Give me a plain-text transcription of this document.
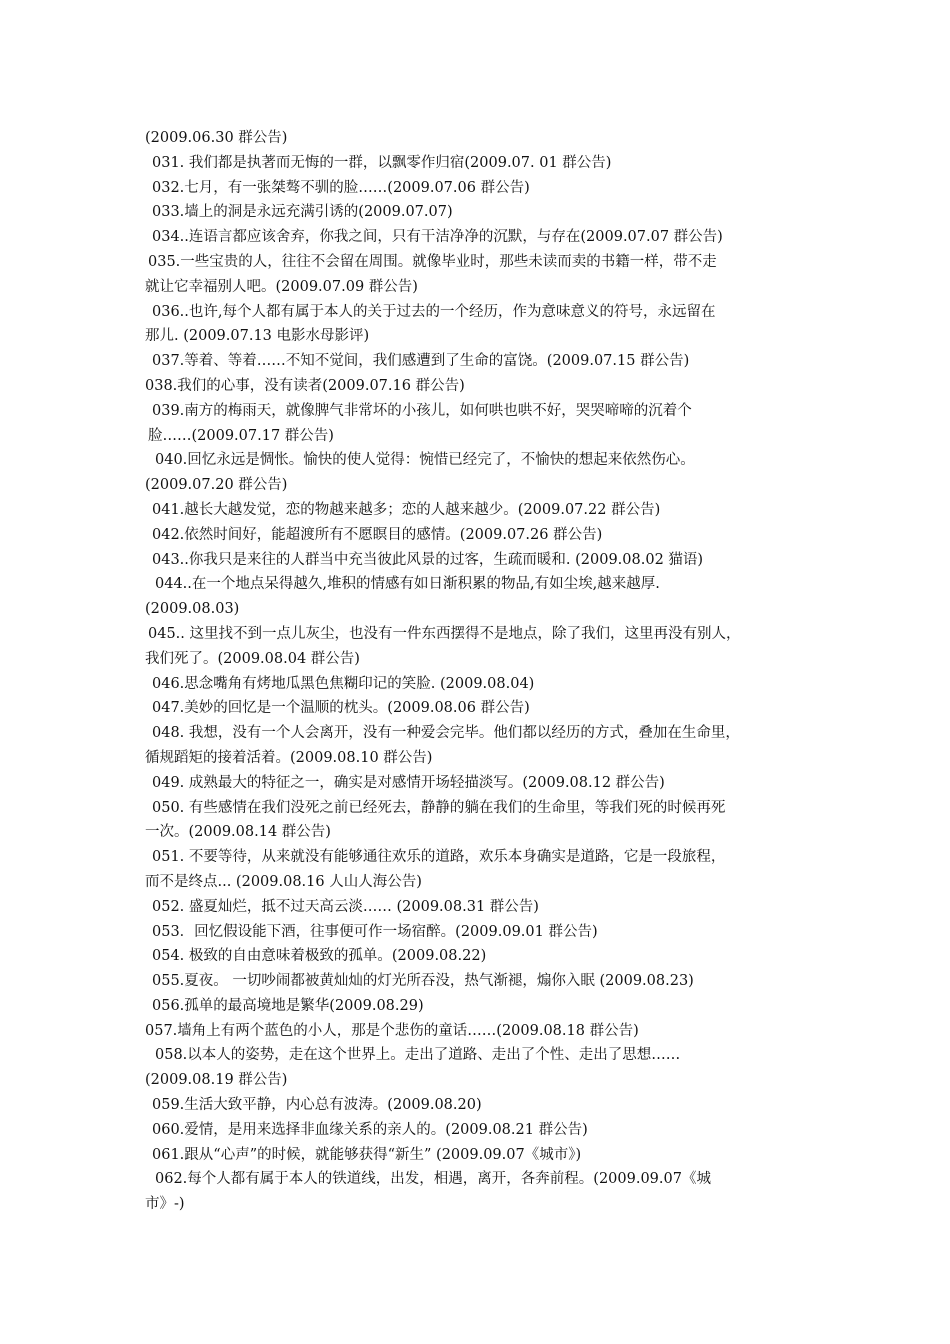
(2009.06.30 群公告)
031. 我们都是执著而无悔的一群，以飘零作归宿(2009.07. 01 群公告)
032.七月，有一张桀骜不驯的脸……(2009.07.06 群公告)
033.墙上的洞是永远充满引诱的(2009.07.07)
034..连语言都应该舍弃，你我之间，只有干洁净净的沉默，与存在(2009.07.07 群公告)
035.一些宝贵的人，往往不会留在周围。就像毕业时，那些未读而卖的书籍一样，带不走
就让它幸福别人吧。(2009.07.09 群公告)
036..也许,每个人都有属于本人的关于过去的一个经历，作为意味意义的符号，永远留在
那儿. (2009.07.13 电影水母影评)
037.等着、等着……不知不觉间，我们感遭到了生命的富饶。(2009.07.15 群公告)
038.我们的心事，没有读者(2009.07.16 群公告)
039.南方的梅雨天，就像脾气非常坏的小孩儿，如何哄也哄不好，哭哭啼啼的沉着个
脸……(2009.07.17 群公告)
040.回忆永远是惆怅。愉快的使人觉得：惋惜已经完了，不愉快的想起来依然伤心。
(2009.07.20 群公告)
041.越长大越发觉，恋的物越来越多；恋的人越来越少。(2009.07.22 群公告)
042.依然时间好，能超渡所有不愿瞑目的感情。(2009.07.26 群公告)
043..你我只是来往的人群当中充当彼此风景的过客，生疏而暖和. (2009.08.02 猫语)
044..在一个地点呆得越久,堆积的情感有如日渐积累的物品,有如尘埃,越来越厚.
(2009.08.03)
045.. 这里找不到一点儿灰尘，也没有一件东西摆得不是地点，除了我们，这里再没有别人，
我们死了。(2009.08.04 群公告)
046.思念嘴角有烤地瓜黑色焦糊印记的笑脸. (2009.08.04)
047.美妙的回忆是一个温顺的枕头。(2009.08.06 群公告)
048. 我想，没有一个人会离开，没有一种爱会完毕。他们都以经历的方式，叠加在生命里，
循规蹈矩的接着活着。(2009.08.10 群公告)
049. 成熟最大的特征之一，确实是对感情开场轻描淡写。(2009.08.12 群公告)
050. 有些感情在我们没死之前已经死去，静静的躺在我们的生命里，等我们死的时候再死
一次。(2009.08.14 群公告)
051. 不要等待，从来就没有能够通往欢乐的道路，欢乐本身确实是道路，它是一段旅程，
而不是终点... (2009.08.16 人山人海公告)
052. 盛夏灿烂，抵不过天高云淡…… (2009.08.31 群公告)
053．回忆假设能下酒，往事便可作一场宿醉。(2009.09.01 群公告)
054. 极致的自由意味着极致的孤单。(2009.08.22)
055.夏夜。 一切吵闹都被黄灿灿的灯光所吞没，热气渐褪，煽你入眠 (2009.08.23)
056.孤单的最高境地是繁华(2009.08.29)
057.墙角上有两个蓝色的小人，那是个悲伤的童话……(2009.08.18 群公告)
058.以本人的姿势，走在这个世界上。走出了道路、走出了个性、走出了思想……
(2009.08.19 群公告)
059.生活大致平静，内心总有波涛。(2009.08.20)
060.爱情，是用来选择非血缘关系的亲人的。(2009.08.21 群公告)
061.跟从“心声”的时候，就能够获得“新生” (2009.09.07《城市》)
062.每个人都有属于本人的铁道线，出发，相遇，离开，各奔前程。(2009.09.07《城
市》-)
